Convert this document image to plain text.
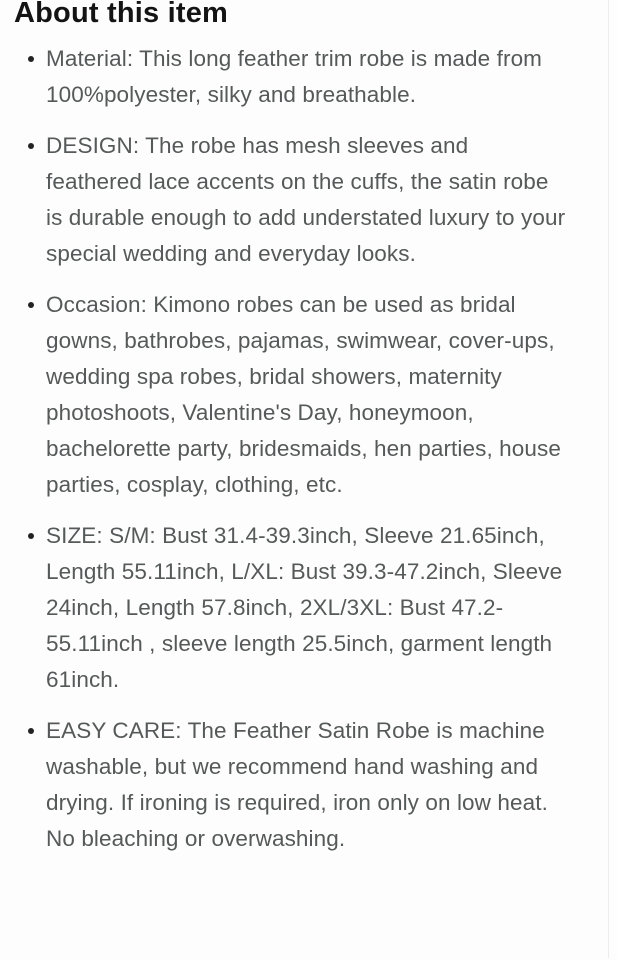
About this item
Material: This long feather trim robe is made from 100%polyester, silky and breathable.
DESIGN: The robe has mesh sleeves and feathered lace accents on the cuffs, the satin robe is durable enough to add understated luxury to your special wedding and everyday looks.
Occasion: Kimono robes can be used as bridal gowns, bathrobes, pajamas, swimwear, cover-ups, wedding spa robes, bridal showers, maternity photoshoots, Valentine's Day, honeymoon, bachelorette party, bridesmaids, hen parties, house parties, cosplay, clothing, etc.
SIZE: S/M: Bust 31.4-39.3inch, Sleeve 21.65inch, Length 55.11inch, L/XL: Bust 39.3-47.2inch, Sleeve 24inch, Length 57.8inch, 2XL/3XL: Bust 47.2-55.11inch , sleeve length 25.5inch, garment length 61inch.
EASY CARE: The Feather Satin Robe is machine washable, but we recommend hand washing and drying. If ironing is required, iron only on low heat. No bleaching or overwashing.
